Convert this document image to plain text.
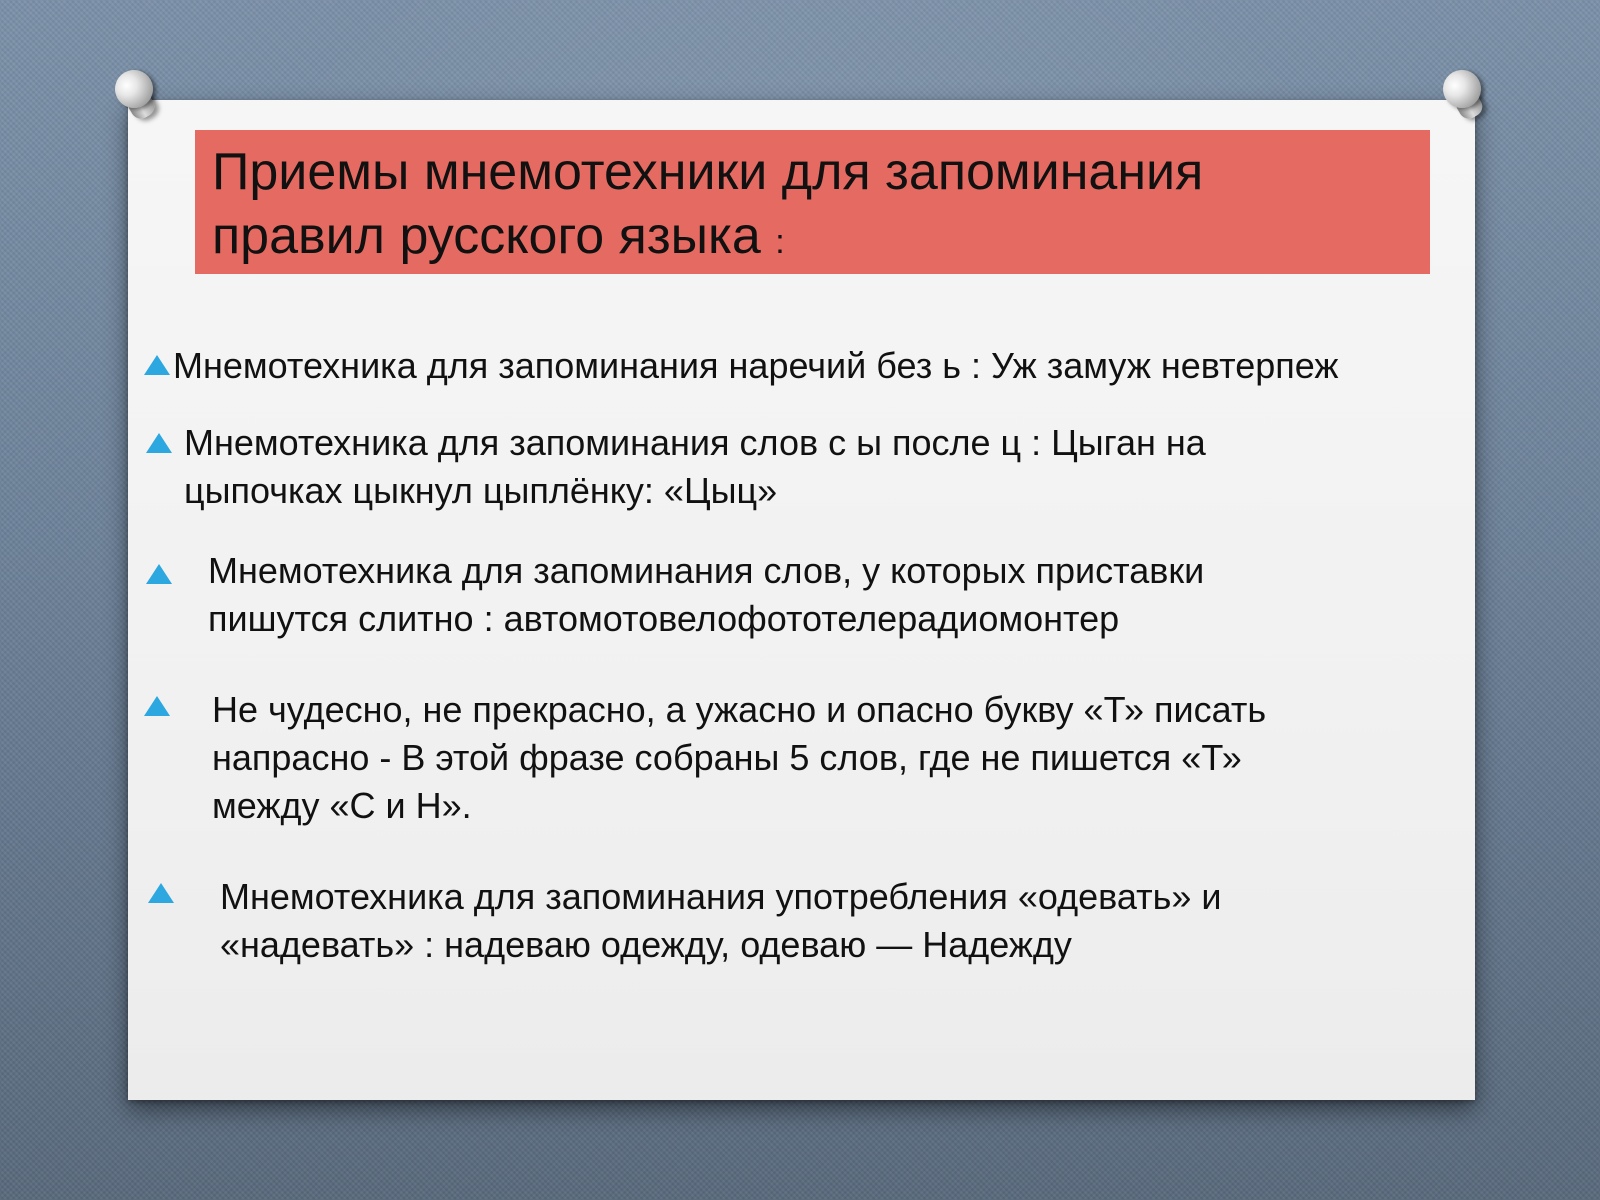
Приемы мнемотехники для запоминания
правил русского языка :

Мнемотехника для запоминания наречий без ь : Уж замуж невтерпеж

Мнемотехника для запоминания слов с ы после ц : Цыган на
цыпочках цыкнул цыплёнку: «Цыц»

Мнемотехника для запоминания слов, у которых приставки
пишутся слитно : автомотовелофототелерадиомонтер

Не чудесно, не прекрасно, а ужасно и опасно букву «Т» писать
напрасно - В этой фразе собраны 5 слов, где не пишется «Т»
между «С и Н».

Мнемотехника для запоминания употребления «одевать» и
«надевать» : надеваю одежду, одеваю — Надежду
